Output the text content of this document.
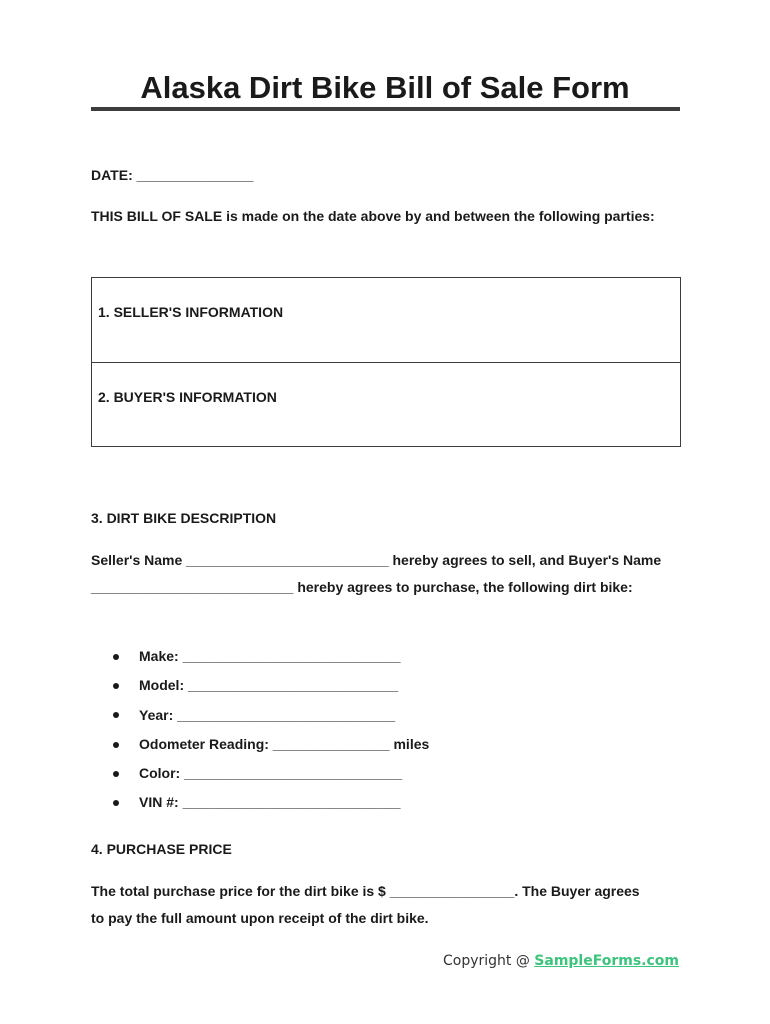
Alaska Dirt Bike Bill of Sale Form

DATE: _______________

THIS BILL OF SALE is made on the date above by and between the following parties:

1. SELLER'S INFORMATION
2. BUYER'S INFORMATION

3. DIRT BIKE DESCRIPTION

Seller's Name __________________________ hereby agrees to sell, and Buyer's Name __________________________ hereby agrees to purchase, the following dirt bike:

Make: ____________________________
Model: ___________________________
Year: ____________________________
Odometer Reading: _______________ miles
Color: ____________________________
VIN #: ____________________________

4. PURCHASE PRICE

The total purchase price for the dirt bike is $ ________________. The Buyer agrees to pay the full amount upon receipt of the dirt bike.

Copyright @ SampleForms.com
